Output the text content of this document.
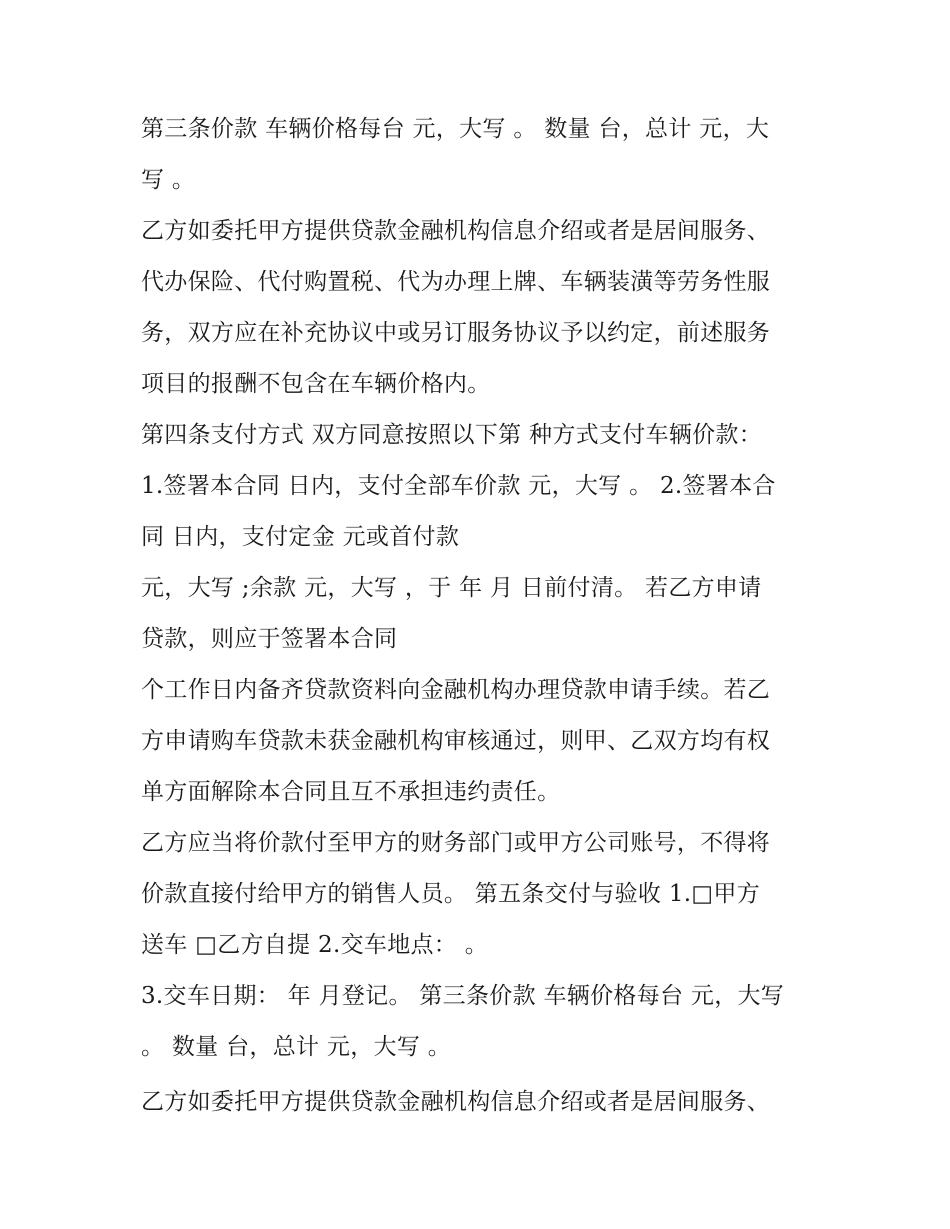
第三条价款 车辆价格每台 元，大写 。 数量 台，总计 元，大
写 。
乙方如委托甲方提供贷款金融机构信息介绍或者是居间服务、
代办保险、代付购置税、代为办理上牌、车辆装潢等劳务性服
务，双方应在补充协议中或另订服务协议予以约定，前述服务
项目的报酬不包含在车辆价格内。
第四条支付方式 双方同意按照以下第 种方式支付车辆价款：
1.签署本合同 日内，支付全部车价款 元，大写 。 2.签署本合
同 日内，支付定金 元或首付款
元，大写 ;余款 元，大写 ，于 年 月 日前付清。 若乙方申请
贷款，则应于签署本合同
个工作日内备齐贷款资料向金融机构办理贷款申请手续。若乙
方申请购车贷款未获金融机构审核通过，则甲、乙双方均有权
单方面解除本合同且互不承担违约责任。
乙方应当将价款付至甲方的财务部门或甲方公司账号，不得将
价款直接付给甲方的销售人员。 第五条交付与验收 1.□甲方
送车 □乙方自提 2.交车地点： 。
3.交车日期： 年 月登记。 第三条价款 车辆价格每台 元，大写
。 数量 台，总计 元，大写 。
乙方如委托甲方提供贷款金融机构信息介绍或者是居间服务、
